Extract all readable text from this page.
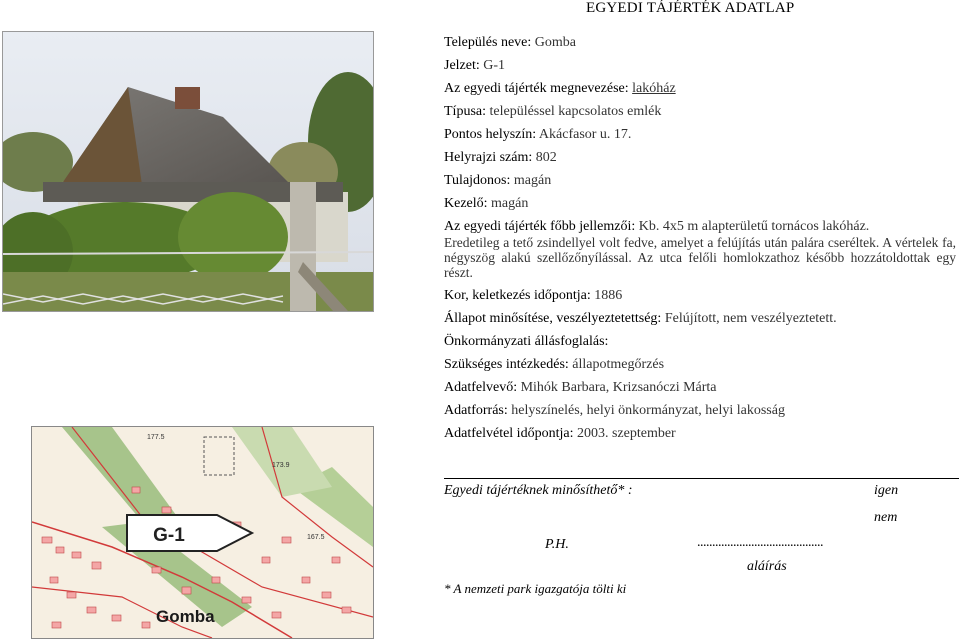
EGYEDI TÁJÉRTÉK ADATLAP
Település neve: Gomba
Jelzet: G-1
Az egyedi tájérték megnevezése: lakóház
Típusa: településsel kapcsolatos emlék
Pontos helyszín: Akácfasor u. 17.
Helyrajzi szám: 802
Tulajdonos: magán
Kezelő: magán
Az egyedi tájérték főbb jellemzői: Kb. 4x5 m alapterületű tornácos lakóház.
Eredetileg a tető zsindellyel volt fedve, amelyet a felújítás után palára cseréltek. A vértelek fa, négyszög alakú szellőzőnyílással. Az utca felőli homlokzathoz később hozzátoldottak egy részt.
Kor, keletkezés időpontja: 1886
Állapot minősítése, veszélyeztetettség: Felújított, nem veszélyeztetett.
Önkormányzati állásfoglalás:
Szükséges intézkedés: állapotmegőrzés
Adatfelvevő: Mihók Barbara, Krizsanóczi Márta
Adatforrás: helyszínelés, helyi önkormányzat, helyi lakosság
Adatfelvétel időpontja: 2003. szeptember
177.5
173.9
167.5
G-1
Gomba
Egyedi tájértéknek minősíthető* :	igen
nem
P.H.	..........................................
aláírás
* A nemzeti park igazgatója tölti ki
